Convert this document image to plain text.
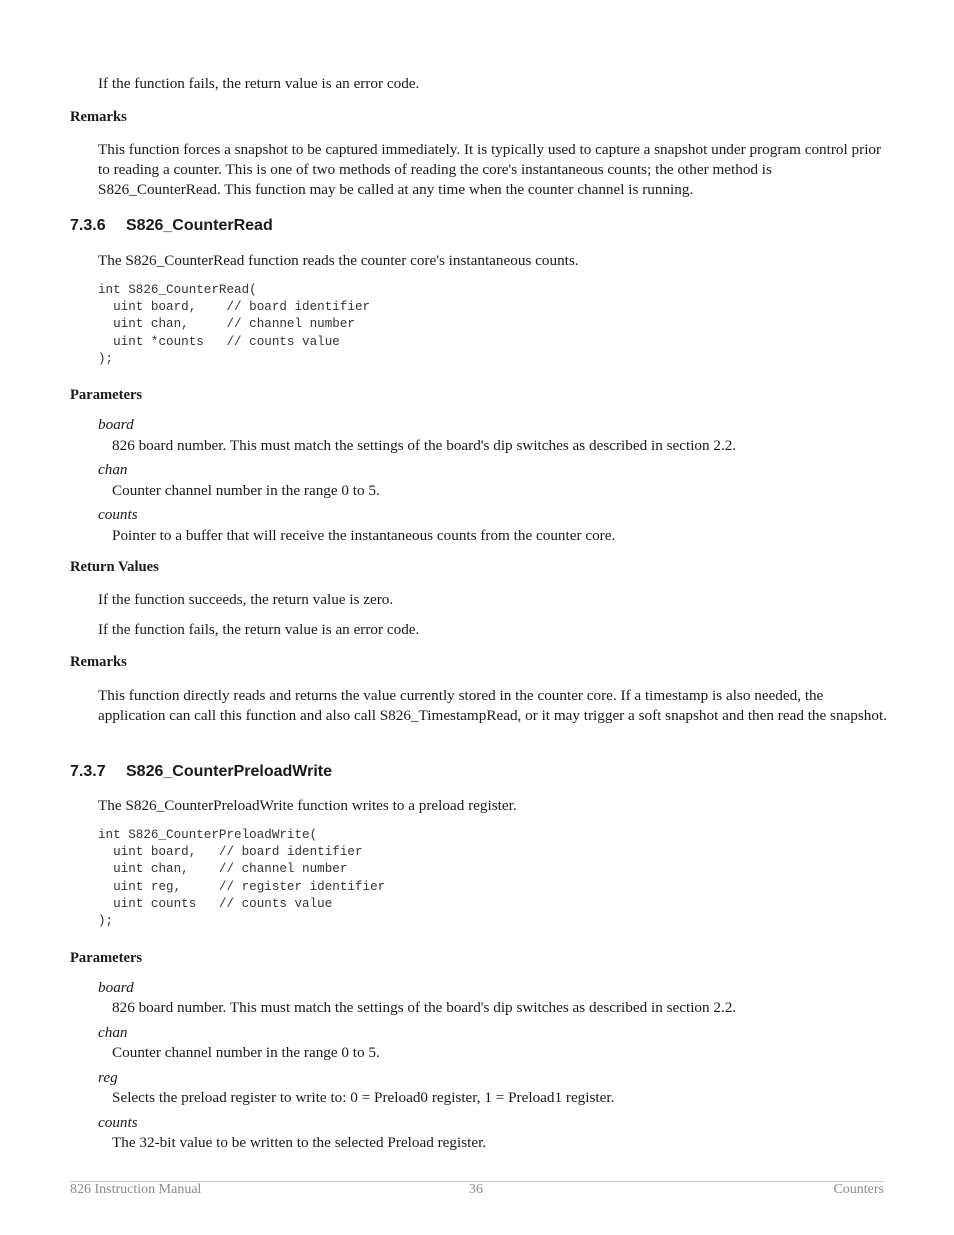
If the function fails, the return value is an error code.

Remarks

This function forces a snapshot to be captured immediately. It is typically used to capture a snapshot under program control prior to reading a counter. This is one of two methods of reading the core's instantaneous counts; the other method is S826_CounterRead. This function may be called at any time when the counter channel is running.

7.3.6 S826_CounterRead

The S826_CounterRead function reads the counter core's instantaneous counts.

int S826_CounterRead(
uint board,    // board identifier
uint chan,     // channel number
uint *counts   // counts value
);

Parameters

board

826 board number. This must match the settings of the board's dip switches as described in section 2.2.

chan

Counter channel number in the range 0 to 5.

counts

Pointer to a buffer that will receive the instantaneous counts from the counter core.

Return Values

If the function succeeds, the return value is zero.

If the function fails, the return value is an error code.

Remarks

This function directly reads and returns the value currently stored in the counter core. If a timestamp is also needed, the application can call this function and also call S826_TimestampRead, or it may trigger a soft snapshot and then read the snapshot.

7.3.7 S826_CounterPreloadWrite

The S826_CounterPreloadWrite function writes to a preload register.

int S826_CounterPreloadWrite(
uint board,   // board identifier
uint chan,    // channel number
uint reg,     // register identifier
uint counts   // counts value
);

Parameters

board

826 board number. This must match the settings of the board's dip switches as described in section 2.2.

chan

Counter channel number in the range 0 to 5.

reg

Selects the preload register to write to: 0 = Preload0 register, 1 = Preload1 register.

counts

The 32-bit value to be written to the selected Preload register.

826 Instruction Manual	36	Counters
